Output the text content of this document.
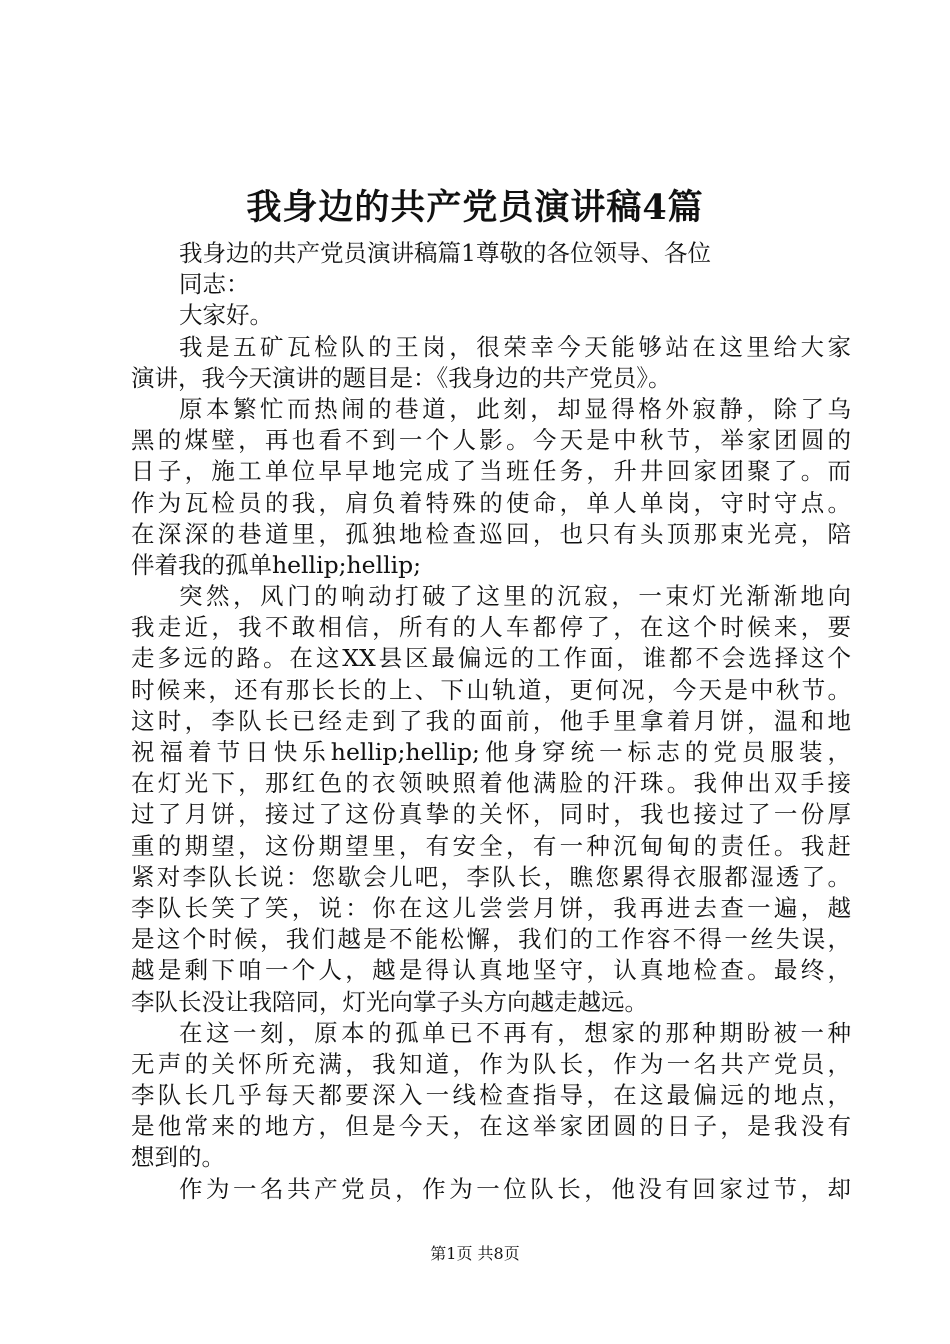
我身边的共产党员演讲稿4篇
我身边的共产党员演讲稿篇1尊敬的各位领导、各位
同志：
大家好。
我是五矿瓦检队的王岗，很荣幸今天能够站在这里给大家
演讲，我今天演讲的题目是：《我身边的共产党员》。
原本繁忙而热闹的巷道，此刻，却显得格外寂静，除了乌
黑的煤壁，再也看不到一个人影。今天是中秋节，举家团圆的
日子，施工单位早早地完成了当班任务，升井回家团聚了。而
作为瓦检员的我，肩负着特殊的使命，单人单岗，守时守点。
在深深的巷道里，孤独地检查巡回，也只有头顶那束光亮，陪
伴着我的孤单hellip;hellip;
突然，风门的响动打破了这里的沉寂，一束灯光渐渐地向
我走近，我不敢相信，所有的人车都停了，在这个时候来，要
走多远的路。在这XX县区最偏远的工作面，谁都不会选择这个
时候来，还有那长长的上、下山轨道，更何况，今天是中秋节。
这时，李队长已经走到了我的面前，他手里拿着月饼，温和地
祝福着节日快乐hellip;hellip;他身穿统一标志的党员服装，
在灯光下，那红色的衣领映照着他满脸的汗珠。我伸出双手接
过了月饼，接过了这份真挚的关怀，同时，我也接过了一份厚
重的期望，这份期望里，有安全，有一种沉甸甸的责任。我赶
紧对李队长说：您歇会儿吧，李队长，瞧您累得衣服都湿透了。
李队长笑了笑，说：你在这儿尝尝月饼，我再进去查一遍，越
是这个时候，我们越是不能松懈，我们的工作容不得一丝失误，
越是剩下咱一个人，越是得认真地坚守，认真地检查。最终，
李队长没让我陪同，灯光向掌子头方向越走越远。
在这一刻，原本的孤单已不再有，想家的那种期盼被一种
无声的关怀所充满，我知道，作为队长，作为一名共产党员，
李队长几乎每天都要深入一线检查指导，在这最偏远的地点，
是他常来的地方，但是今天，在这举家团圆的日子，是我没有
想到的。
作为一名共产党员，作为一位队长，他没有回家过节，却
第1页 共8页
